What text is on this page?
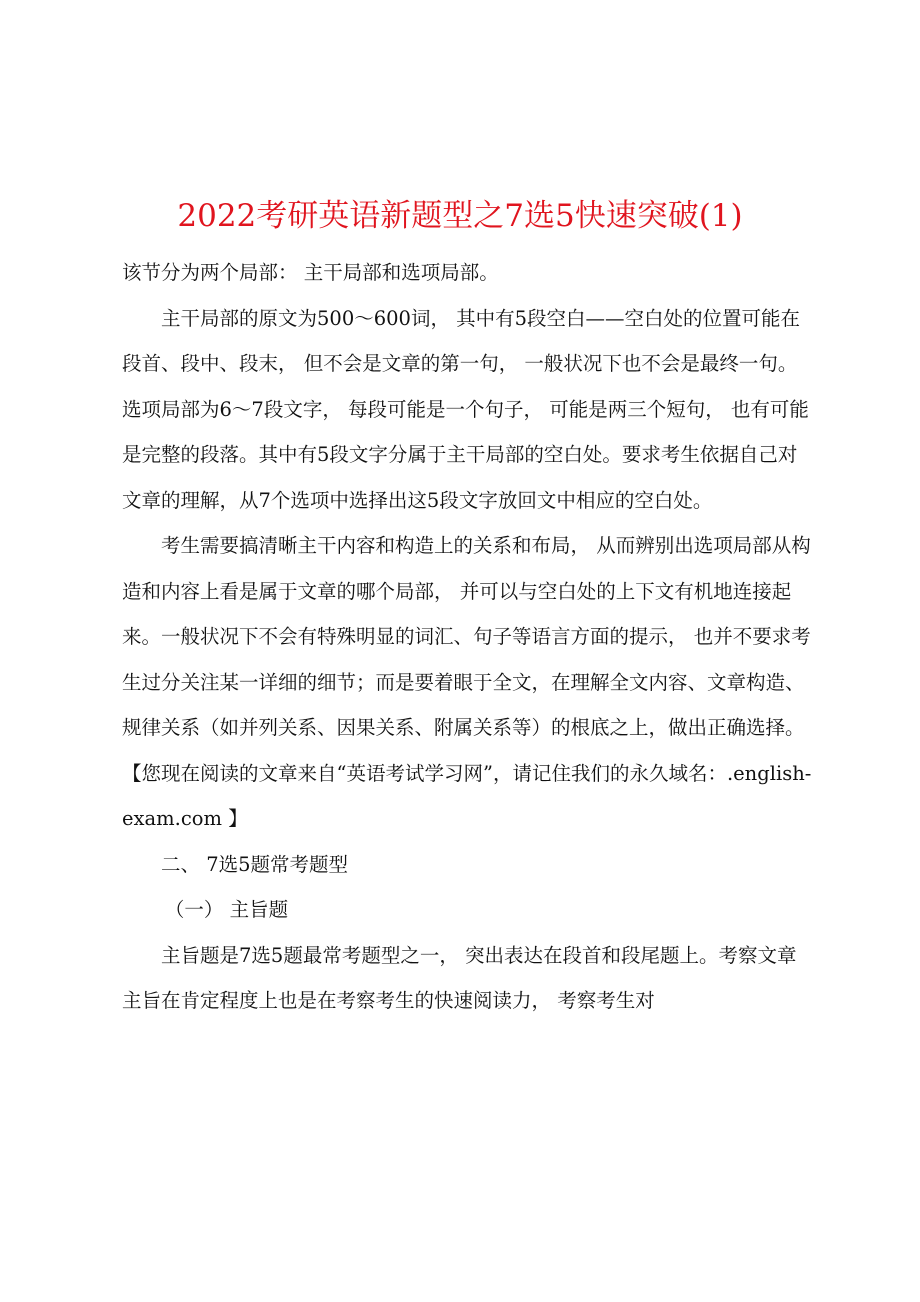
2022考研英语新题型之7选5快速突破(1)

该节分为两个局部： 主干局部和选项局部。

主干局部的原文为500～600词， 其中有5段空白——空白处的位置可能在段首、段中、段末， 但不会是文章的第一句， 一般状况下也不会是最终一句。选项局部为6～7段文字， 每段可能是一个句子， 可能是两三个短句， 也有可能是完整的段落。其中有5段文字分属于主干局部的空白处。要求考生依据自己对文章的理解，从7个选项中选择出这5段文字放回文中相应的空白处。

考生需要搞清晰主干内容和构造上的关系和布局， 从而辨别出选项局部从构造和内容上看是属于文章的哪个局部， 并可以与空白处的上下文有机地连接起来。一般状况下不会有特殊明显的词汇、句子等语言方面的提示， 也并不要求考生过分关注某一详细的细节；而是要着眼于全文，在理解全文内容、文章构造、规律关系（如并列关系、因果关系、附属关系等）的根底之上，做出正确选择。【您现在阅读的文章来自“英语考试学习网”，请记住我们的永久域名：.english-exam.com 】

二、 7选5题常考题型

（一） 主旨题

主旨题是7选5题最常考题型之一， 突出表达在段首和段尾题上。考察文章主旨在肯定程度上也是在考察考生的快速阅读力， 考察考生对
